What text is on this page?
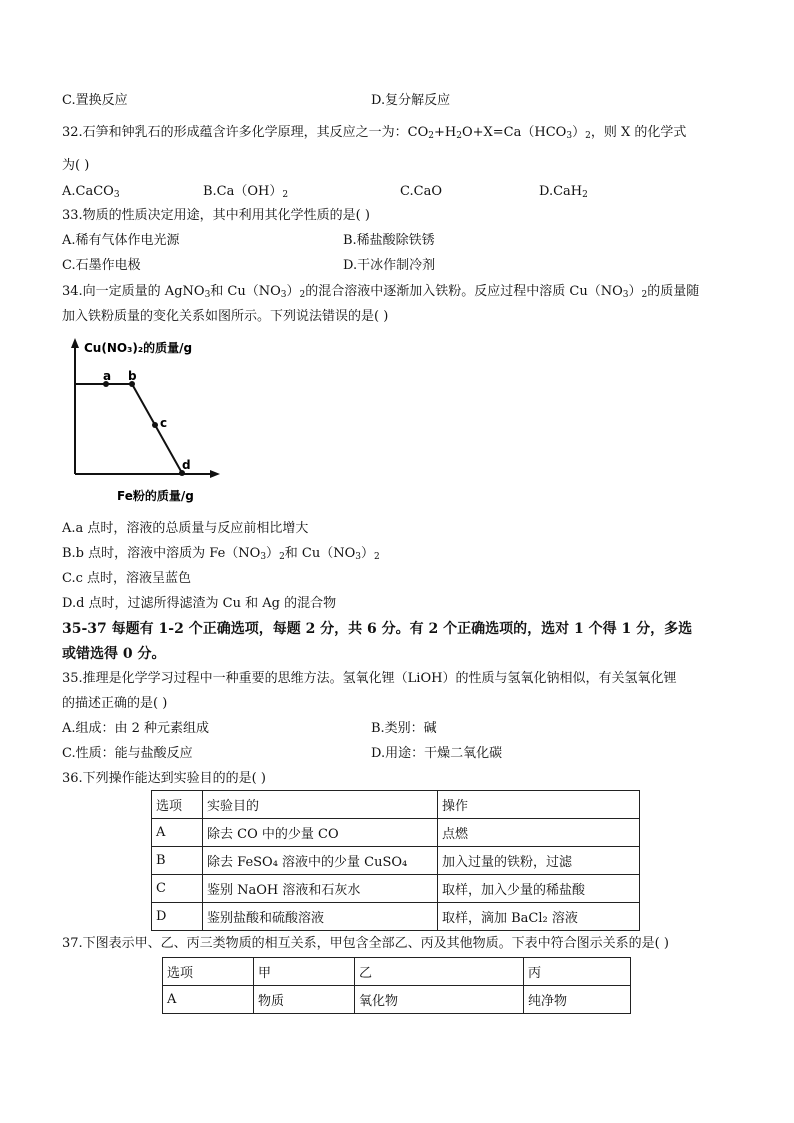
C.置换反应	D.复分解反应
32.石笋和钟乳石的形成蕴含许多化学原理，其反应之一为：$CO_2+H_2O+X=Ca(HCO_3)_2$，则 X 的化学式
为( )
A.CaCO$_3$	$B.Ca(OH)_2$	C.CaO	D.CaH$_2$
33.物质的性质决定用途，其中利用其化学性质的是( )
A.稀有气体作电光源	B.稀盐酸除铁锈
C.石墨作电极	D.干冰作制冷剂
34.向一定质量的 AgNO$_3$和 $Cu(NO_3)_2$的混合溶液中逐渐加入铁粉。反应过程中溶质 $Cu(NO_3)_2$的质量随
加入铁粉质量的变化关系如图所示。下列说法错误的是( )
a b
c
d
Cu(NO₃)₂的质量/g
Fe粉的质量/g
A.a 点时，溶液的总质量与反应前相比增大
B.b 点时，溶液中溶质为 $Fe(NO_3)_2$和 $Cu(NO_3)_2$
C.c 点时，溶液呈蓝色
D.d 点时，过滤所得滤渣为 Cu 和 Ag 的混合物
35-37 每题有 1-2 个正确选项，每题 2 分，共 6 分。有 2 个正确选项的，选对 1 个得 1 分，多选
或错选得 0 分。
35.推理是化学学习过程中一种重要的思维方法。氢氧化锂（LiOH）的性质与氢氧化钠相似，有关氢氧化锂
的描述正确的是( )
A.组成：由 2 种元素组成	B.类别：碱
C.性质：能与盐酸反应	D.用途：干燥二氧化碳
36.下列操作能达到实验目的的是( )
选项	实验目的	操作
A	除去 CO 中的少量 CO	点燃
B	除去 FeSO₄ 溶液中的少量 CuSO₄	加入过量的铁粉，过滤
C	鉴别 NaOH 溶液和石灰水	取样，加入少量的稀盐酸
D	鉴别盐酸和硫酸溶液	取样，滴加 BaCl₂ 溶液
37.下图表示甲、乙、丙三类物质的相互关系，甲包含全部乙、丙及其他物质。下表中符合图示关系的是( )
选项	甲	乙	丙
A	物质	氧化物	纯净物
